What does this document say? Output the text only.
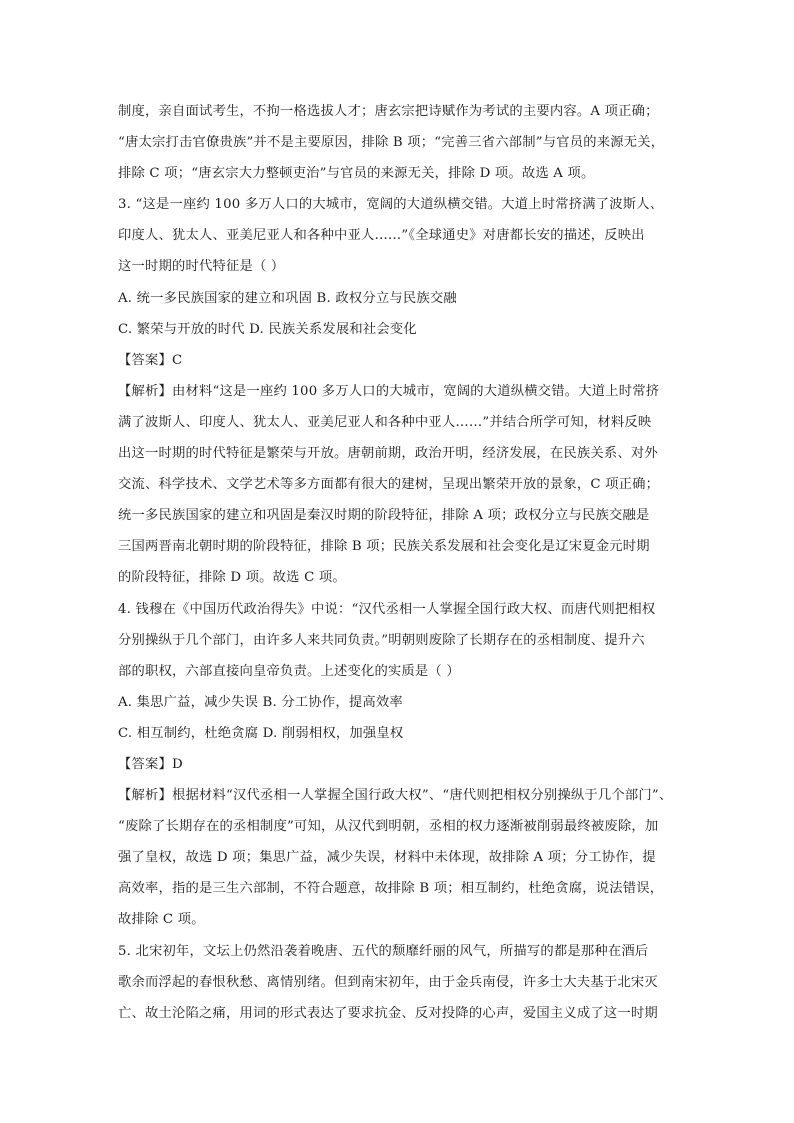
制度，亲自面试考生，不拘一格选拔人才；唐玄宗把诗赋作为考试的主要内容。A 项正确；
“唐太宗打击官僚贵族”并不是主要原因，排除 B 项；“完善三省六部制”与官员的来源无关，
排除 C 项；“唐玄宗大力整顿吏治”与官员的来源无关，排除 D 项。故选 A 项。
3. “这是一座约 100 多万人口的大城市，宽阔的大道纵横交错。大道上时常挤满了波斯人、
印度人、犹太人、亚美尼亚人和各种中亚人……”《全球通史》对唐都长安的描述，反映出
这一时期的时代特征是（ ）
A. 统一多民族国家的建立和巩固 B. 政权分立与民族交融
C. 繁荣与开放的时代 D. 民族关系发展和社会变化
【答案】C
【解析】由材料“这是一座约 100 多万人口的大城市，宽阔的大道纵横交错。大道上时常挤
满了波斯人、印度人、犹太人、亚美尼亚人和各种中亚人……”并结合所学可知，材料反映
出这一时期的时代特征是繁荣与开放。唐朝前期，政治开明，经济发展，在民族关系、对外
交流、科学技术、文学艺术等多方面都有很大的建树，呈现出繁荣开放的景象，C 项正确；
统一多民族国家的建立和巩固是秦汉时期的阶段特征，排除 A 项；政权分立与民族交融是
三国两晋南北朝时期的阶段特征，排除 B 项；民族关系发展和社会变化是辽宋夏金元时期
的阶段特征，排除 D 项。故选 C 项。
4. 钱穆在《中国历代政治得失》中说：“汉代丞相一人掌握全国行政大权、而唐代则把相权
分别操纵于几个部门，由许多人来共同负责。”明朝则废除了长期存在的丞相制度、提升六
部的职权，六部直接向皇帝负责。上述变化的实质是（ ）
A. 集思广益，减少失误 B. 分工协作，提高效率
C. 相互制约，杜绝贪腐 D. 削弱相权，加强皇权
【答案】D
【解析】根据材料“汉代丞相一人掌握全国行政大权”、“唐代则把相权分别操纵于几个部门”、
“废除了长期存在的丞相制度”可知，从汉代到明朝，丞相的权力逐渐被削弱最终被废除，加
强了皇权，故选 D 项；集思广益，减少失误，材料中未体现，故排除 A 项；分工协作，提
高效率，指的是三生六部制，不符合题意，故排除 B 项；相互制约，杜绝贪腐，说法错误，
故排除 C 项。
5. 北宋初年，文坛上仍然沿袭着晚唐、五代的颓靡纤丽的风气，所描写的都是那种在酒后
歌余而浮起的春恨秋愁、离情别绪。但到南宋初年，由于金兵南侵，许多士大夫基于北宋灭
亡、故土沦陷之痛，用词的形式表达了要求抗金、反对投降的心声，爱国主义成了这一时期
